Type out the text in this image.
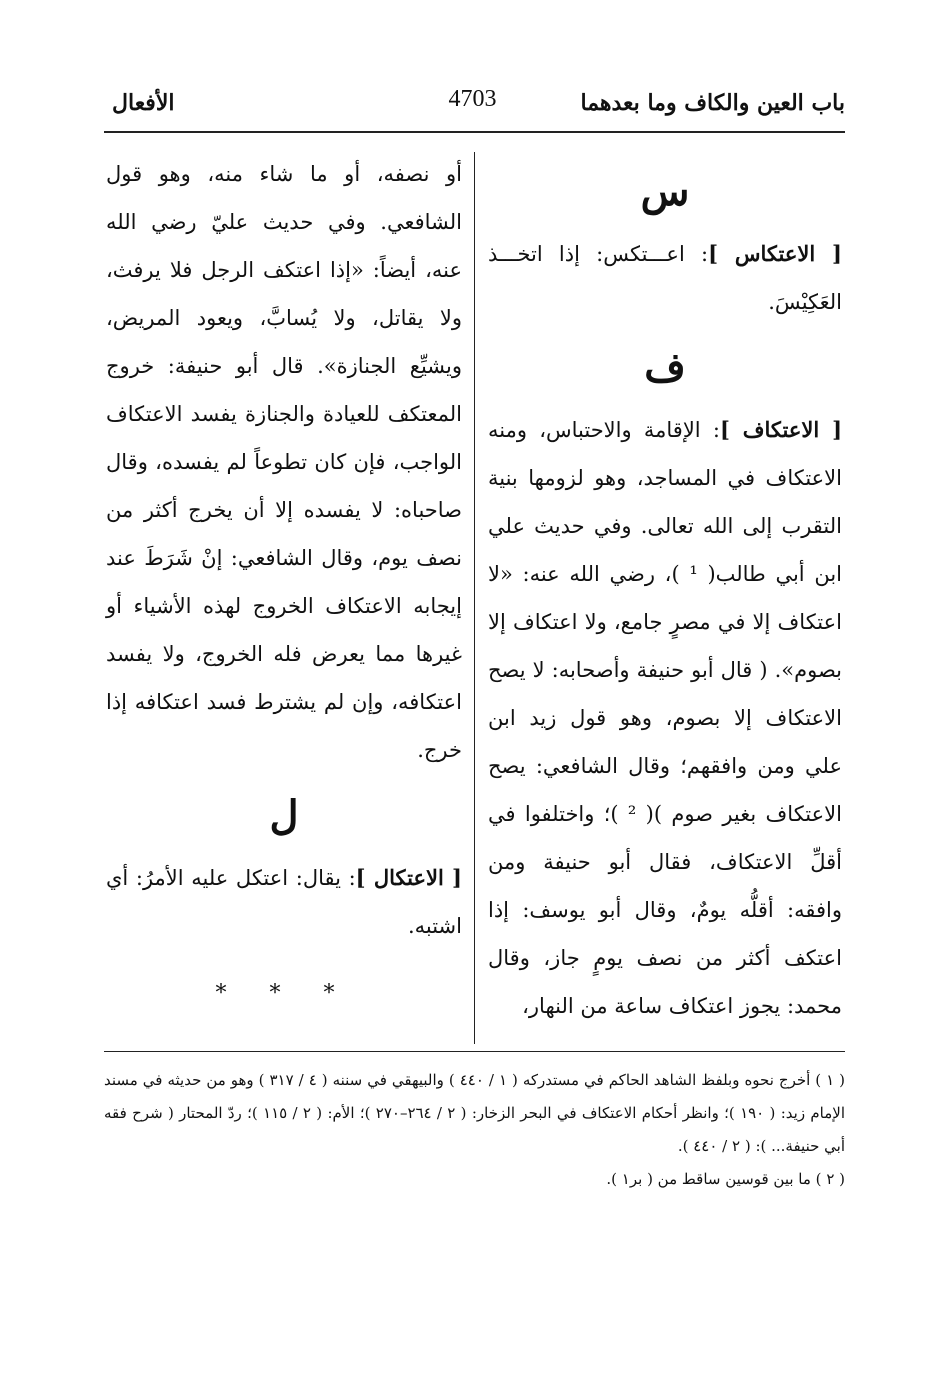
باب العين والكاف وما بعدهما
4703
الأفعال
س

[ الاعتكاس ]: اعـــتكس: إذا اتخـــذ العَكِيْسَ.

ف

[ الاعتكاف ]: الإقامة والاحتباس، ومنه الاعتكاف في المساجد، وهو لزومها بنية التقرب إلى الله تعالى. وفي حديث علي ابن أبي طالب( ¹ )، رضي الله عنه: «لا اعتكاف إلا في مصرٍ جامع، ولا اعتكاف إلا بصوم». ( قال أبو حنيفة وأصحابه: لا يصح الاعتكاف إلا بصوم، وهو قول زيد ابن علي ومن وافقهم؛ وقال الشافعي: يصح الاعتكاف بغير صوم )( ² )؛ واختلفوا في أقلِّ الاعتكاف، فقال أبو حنيفة ومن وافقه: أقلُّه يومٌ، وقال أبو يوسف: إذا اعتكف أكثر من نصف يومٍ جاز، وقال محمد: يجوز اعتكاف ساعة من النهار،

أو نصفه، أو ما شاء منه، وهو قول الشافعي. وفي حديث عليّ رضي الله عنه، أيضاً: «إذا اعتكف الرجل فلا يرفث، ولا يقاتل، ولا يُسابَّ، ويعود المريض، ويشيِّع الجنازة». قال أبو حنيفة: خروج المعتكف للعيادة والجنازة يفسد الاعتكاف الواجب، فإن كان تطوعاً لم يفسده، وقال صاحباه: لا يفسده إلا أن يخرج أكثر من نصف يوم، وقال الشافعي: إنْ شَرَطَ عند إيجابه الاعتكاف الخروج لهذه الأشياء أو غيرها مما يعرض فله الخروج، ولا يفسد اعتكافه، وإن لم يشترط فسد اعتكافه إذا خرج.

ل

[ الاعتكال ]: يقال: اعتكل عليه الأمرُ: أي اشتبه.

* * *

( ١ ) أخرج نحوه وبلفظ الشاهد الحاكم في مستدركه ( ١ / ٤٤٠ ) والبيهقي في سننه ( ٤ / ٣١٧ ) وهو من حديثه في مسند الإمام زيد: ( ١٩٠ )؛ وانظر أحكام الاعتكاف في البحر الزخار: ( ٢ / ٢٦٤–٢٧٠ )؛ الأم: ( ٢ / ١١٥ )؛ ردّ المحتار ( شرح فقه أبي حنيفة... ): ( ٢ / ٤٤٠ ).

( ٢ ) ما بين قوسين ساقط من ( بر١ ).
